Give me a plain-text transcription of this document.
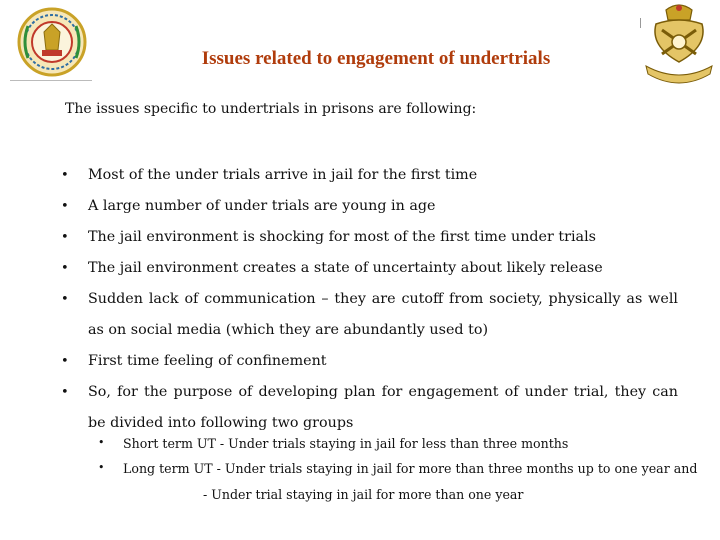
Issues related to engagement of undertrials
The issues specific to undertrials in prisons are following:
• Most of the under trials arrive in jail for the first time
• A large number of under trials are young in age
• The jail environment is shocking for most of the first time under trials
• The jail environment creates a state of uncertainty about likely release
• Sudden lack of communication – they are cutoff from society, physically as well as on social media (which they are abundantly used to)
• First time feeling of confinement
• So, for the purpose of developing plan for engagement of under trial, they can be divided into following two groups
• Short term UT - Under trials staying in jail for less than three months
• Long term UT - Under trials staying in jail for more than three months up to one year and
- Under trial staying in jail for more than one year
